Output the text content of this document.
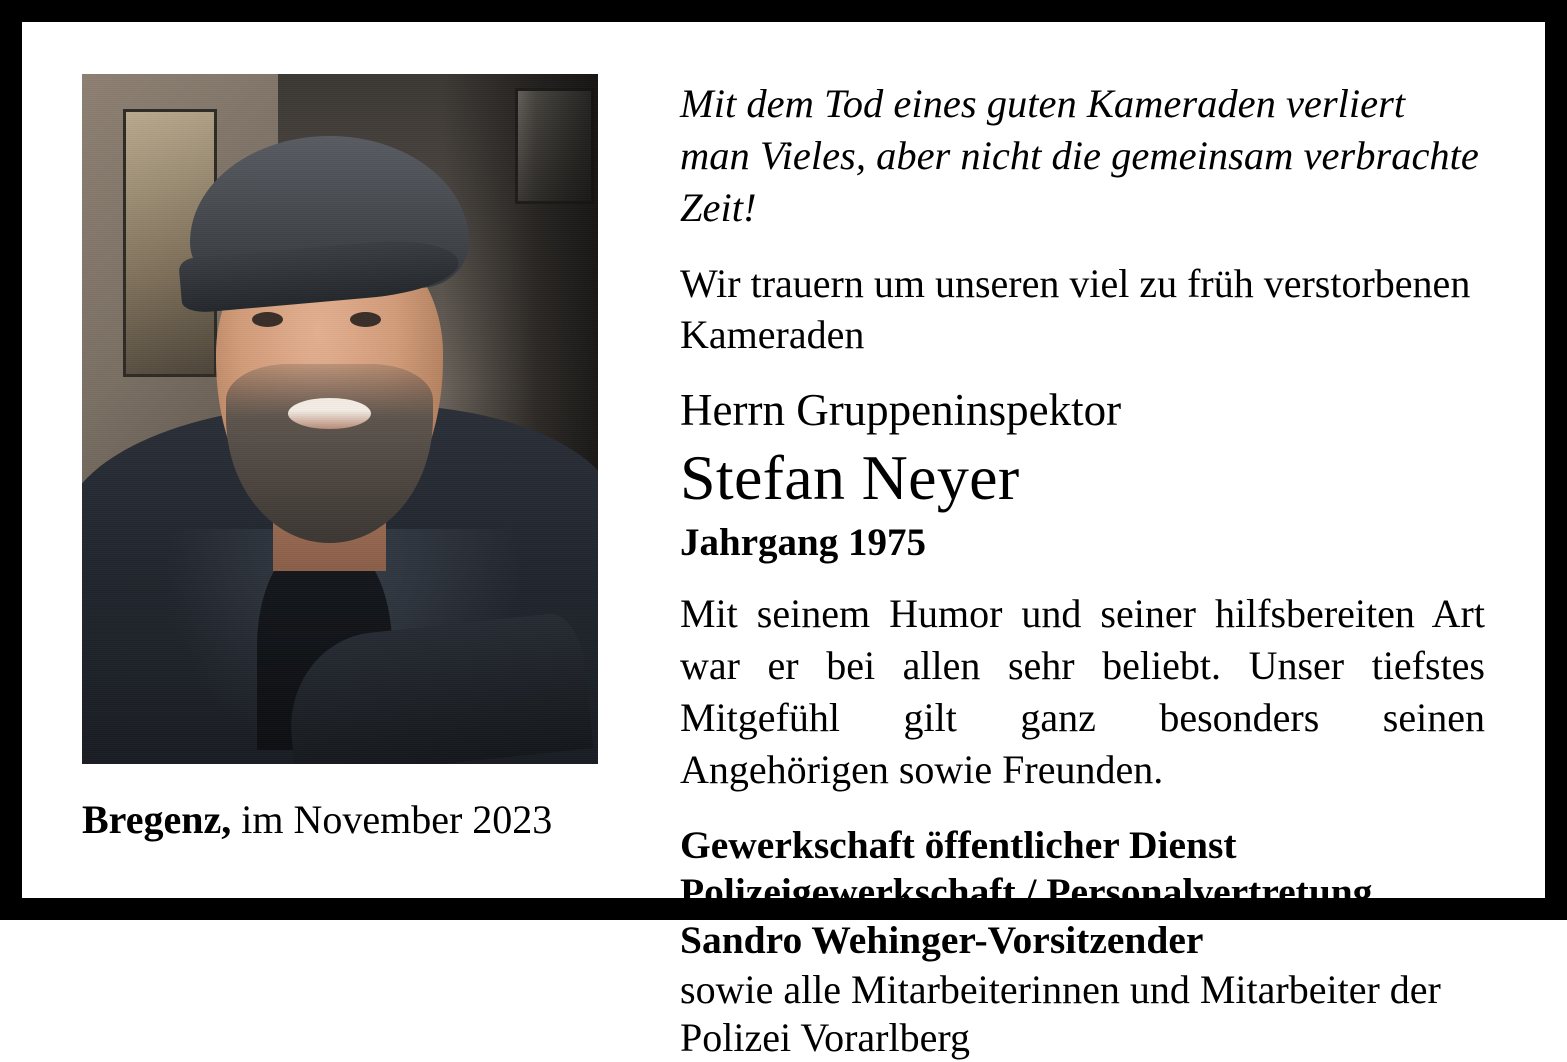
Bregenz, im November 2023
Mit dem Tod eines guten Kameraden verliert man Vieles, aber nicht die gemeinsam verbrachte Zeit!
Wir trauern um unseren viel zu früh verstorbenen Kameraden
Herrn Gruppeninspektor
Stefan Neyer
Jahrgang 1975
Mit seinem Humor und seiner hilfsbereiten Art war er bei allen sehr beliebt. Unser tiefstes Mitgefühl gilt ganz besonders seinen Angehörigen sowie Freunden.
Gewerkschaft öffentlicher Dienst
Polizeigewerkschaft / Personalvertretung
Sandro Wehinger-Vorsitzender
sowie alle Mitarbeiterinnen und Mitarbeiter der Polizei Vorarlberg
